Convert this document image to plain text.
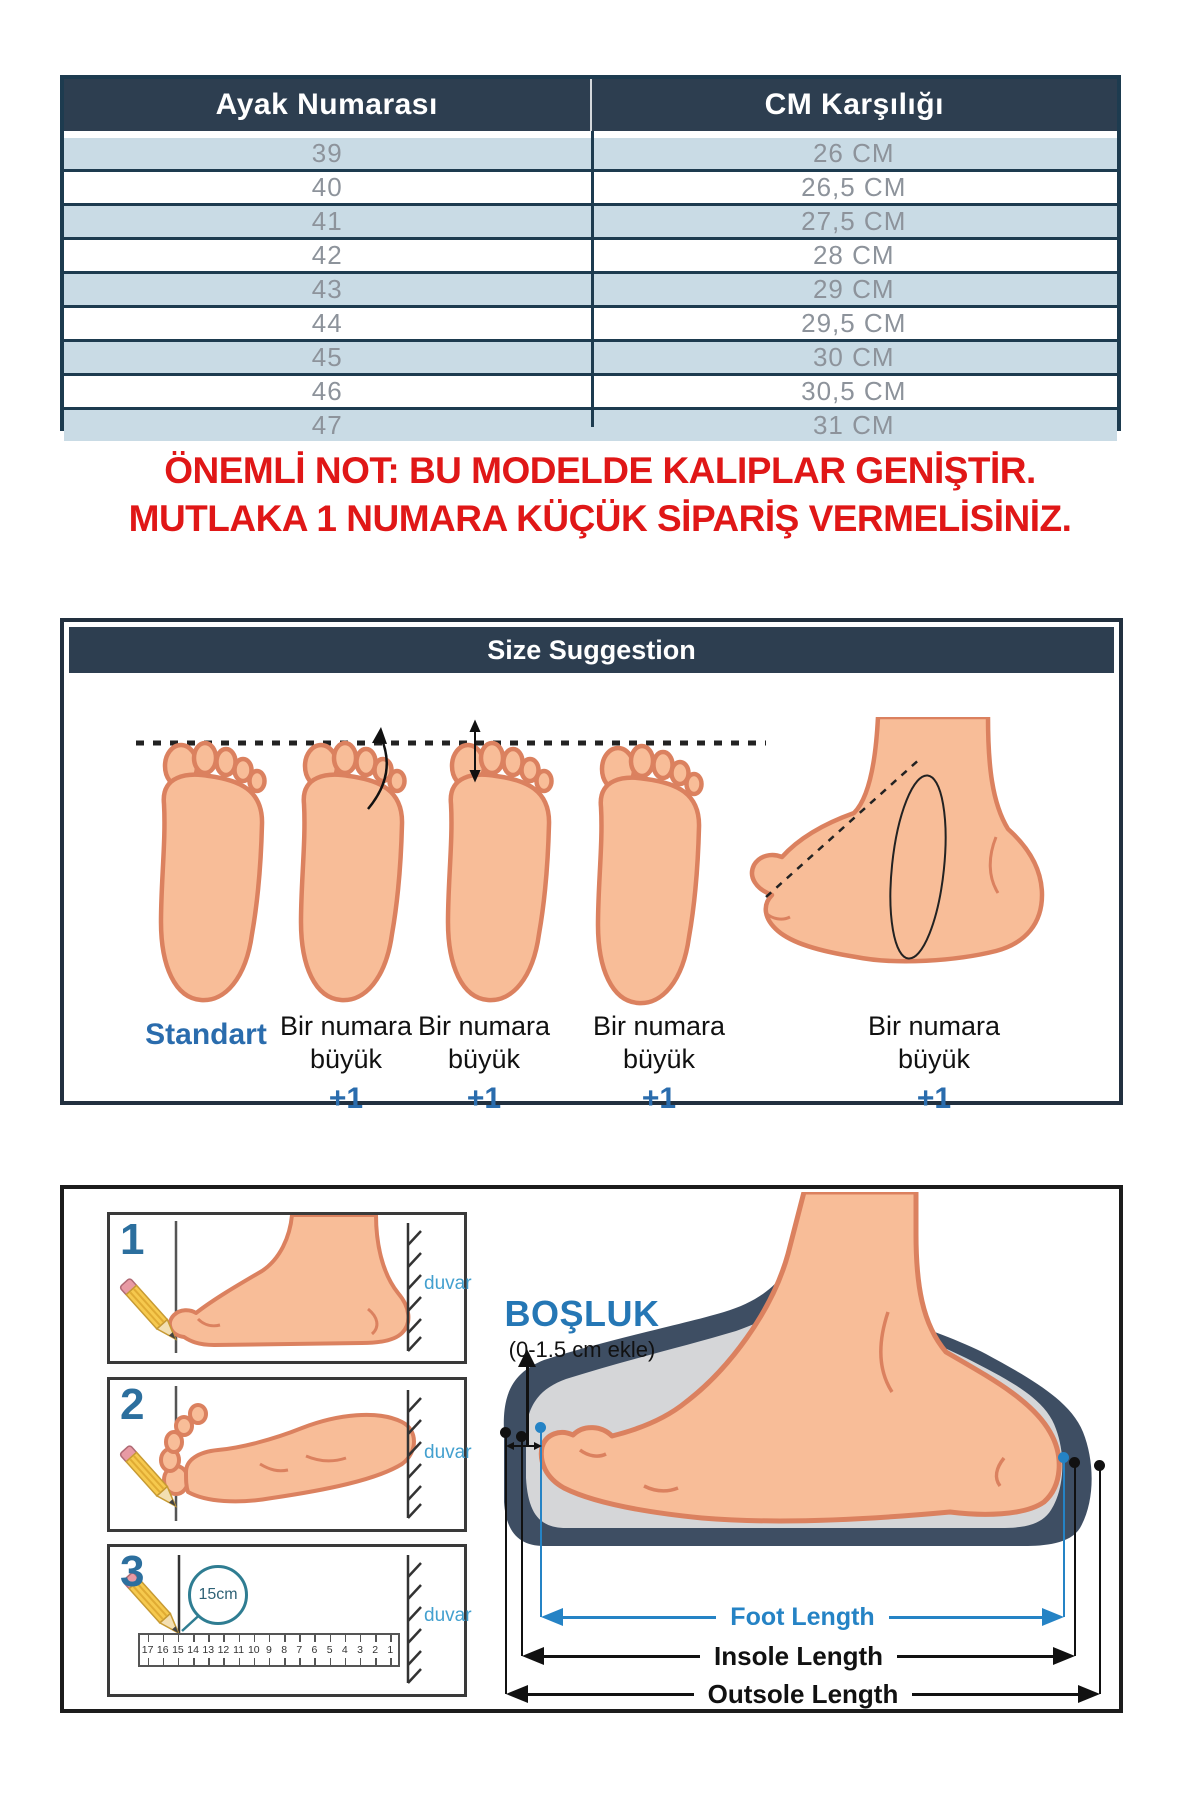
Ayak Numarası	CM Karşılığı
39	26 CM
40	26,5 CM
41	27,5 CM
42	28 CM
43	29 CM
44	29,5 CM
45	30 CM
46	30,5 CM
47	31 CM
ÖNEMLİ NOT: BU MODELDE KALIPLAR GENİŞTİR.
MUTLAKA 1 NUMARA KÜÇÜK SİPARİŞ VERMELİSİNİZ.
Size Suggestion
Standart Bir numara büyük
+1
Bir numara büyük
+1
Bir numara büyük
+1
Bir numara büyük
+1
1
duvar
2
duvar
3	15cm
17 16 15 14 13 12 11 10 9 8 7 6 5 4 3 2 1
duvar
BOŞLUK
(0-1.5 cm ekle)
Foot Length
Insole Length
Outsole Length
